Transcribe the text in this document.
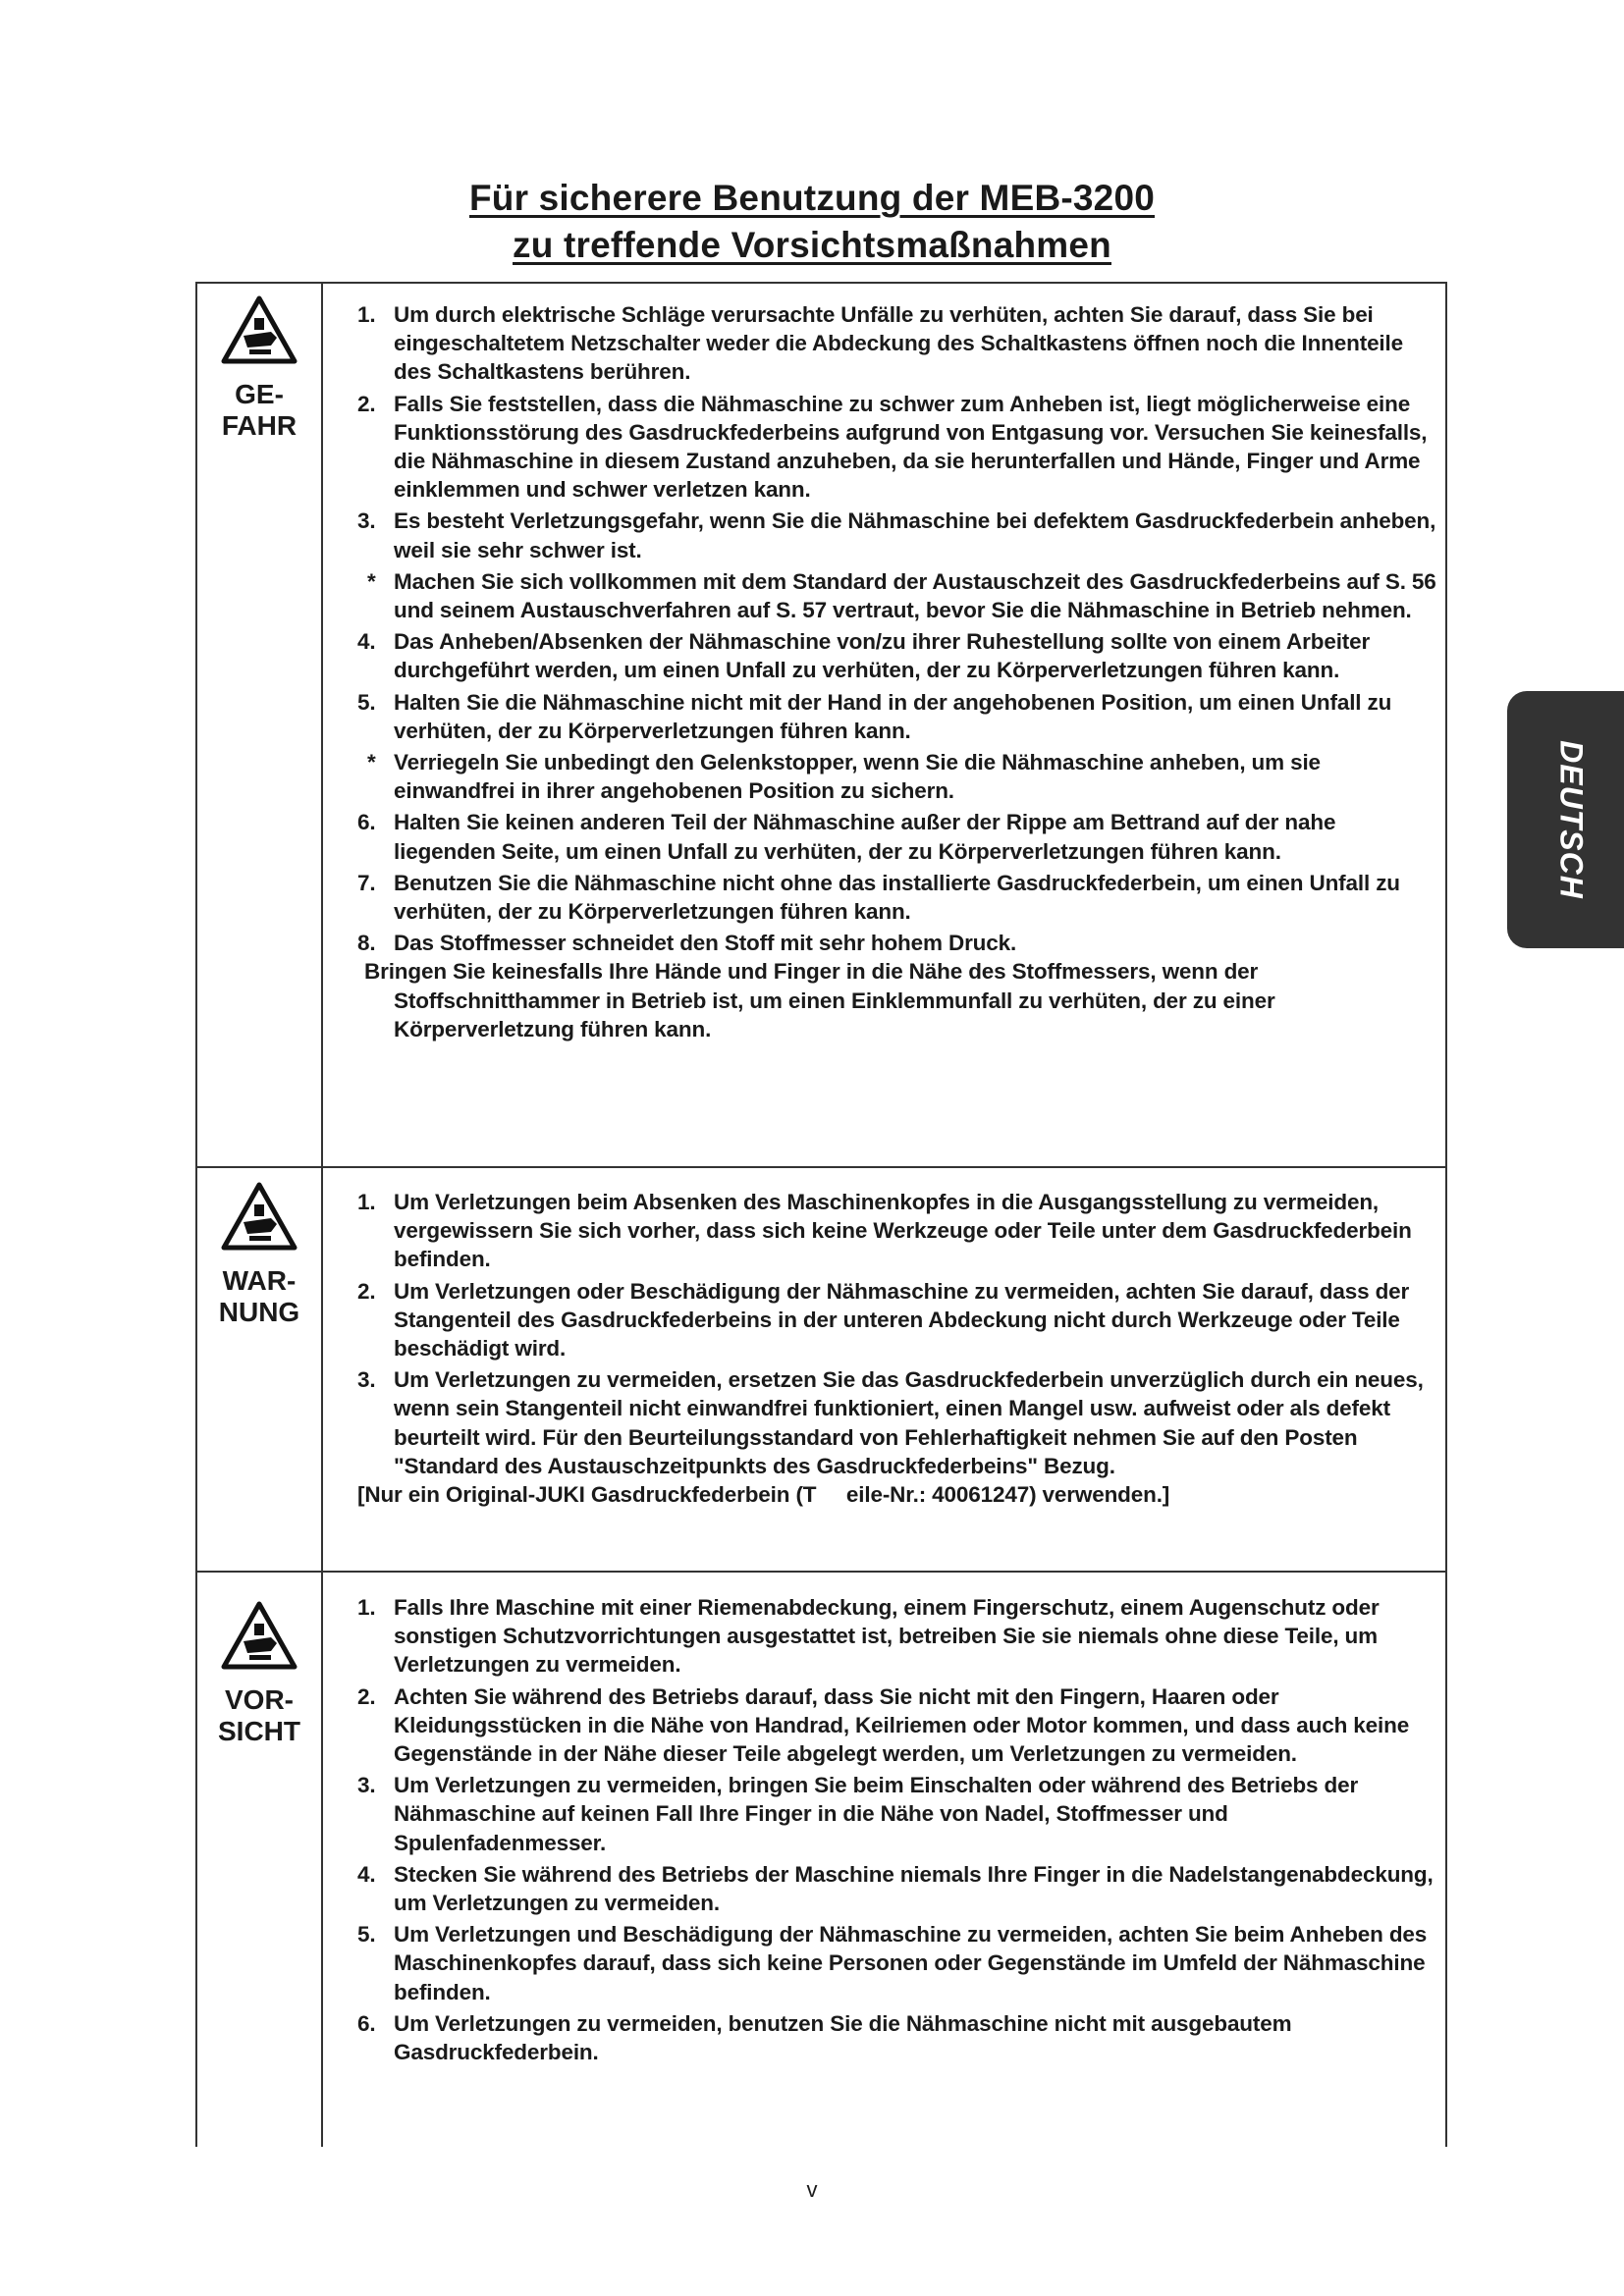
Für sicherere Benutzung der MEB-3200
zu treffende Vorsichtsmaßnahmen
GE-
FAHR
1. Um durch elektrische Schläge verursachte Unfälle zu verhüten, achten Sie darauf, dass Sie bei eingeschaltetem Netzschalter weder die Abdeckung des Schaltkastens öffnen noch die Innenteile des Schaltkastens berühren.
2. Falls Sie feststellen, dass die Nähmaschine zu schwer zum Anheben ist, liegt möglicherweise eine Funktionsstörung des Gasdruckfederbeins aufgrund von Entgasung vor. Versuchen Sie keinesfalls, die Nähmaschine in diesem Zustand anzuheben, da sie herunterfallen und Hände, Finger und Arme einklemmen und schwer verletzen kann.
3. Es besteht Verletzungsgefahr, wenn Sie die Nähmaschine bei defektem Gasdruckfederbein anheben, weil sie sehr schwer ist.
* Machen Sie sich vollkommen mit dem Standard der Austauschzeit des Gasdruckfederbeins auf S. 56 und seinem Austauschverfahren auf S. 57 vertraut, bevor Sie die Nähmaschine in Betrieb nehmen.
4. Das Anheben/Absenken der Nähmaschine von/zu ihrer Ruhestellung sollte von einem Arbeiter durchgeführt werden, um einen Unfall zu verhüten, der zu Körperverletzungen führen kann.
5. Halten Sie die Nähmaschine nicht mit der Hand in der angehobenen Position, um einen Unfall zu verhüten, der zu Körperverletzungen führen kann.
* Verriegeln Sie unbedingt den Gelenkstopper, wenn Sie die Nähmaschine anheben, um sie einwandfrei in ihrer angehobenen Position zu sichern.
6. Halten Sie keinen anderen Teil der Nähmaschine außer der Rippe am Bettrand auf der nahe liegenden Seite, um einen Unfall zu verhüten, der zu Körperverletzungen führen kann.
7. Benutzen Sie die Nähmaschine nicht ohne das installierte Gasdruckfederbein, um einen Unfall zu verhüten, der zu Körperverletzungen führen kann.
8. Das Stoffmesser schneidet den Stoff mit sehr hohem Druck.
Bringen Sie keinesfalls Ihre Hände und Finger in die Nähe des Stoffmessers, wenn der Stoffschnitthammer in Betrieb ist, um einen Einklemmunfall zu verhüten, der zu einer Körperverletzung führen kann.
WAR-
NUNG
1. Um Verletzungen beim Absenken des Maschinenkopfes in die Ausgangsstellung zu vermeiden, vergewissern Sie sich vorher, dass sich keine Werkzeuge oder Teile unter dem Gasdruckfederbein befinden.
2. Um Verletzungen oder Beschädigung der Nähmaschine zu vermeiden, achten Sie darauf, dass der Stangenteil des Gasdruckfederbeins in der unteren Abdeckung nicht durch Werkzeuge oder Teile beschädigt wird.
3. Um Verletzungen zu vermeiden, ersetzen Sie das Gasdruckfederbein unverzüglich durch ein neues, wenn sein Stangenteil nicht einwandfrei funktioniert, einen Mangel usw. aufweist oder als defekt beurteilt wird. Für den Beurteilungsstandard von Fehlerhaftigkeit nehmen Sie auf den Posten "Standard des Austauschzeitpunkts des Gasdruckfederbeins" Bezug.
[Nur ein Original-JUKI Gasdruckfederbein (T     eile-Nr.: 40061247) verwenden.]
VOR-
SICHT
1. Falls Ihre Maschine mit einer Riemenabdeckung, einem Fingerschutz, einem Augenschutz oder sonstigen Schutzvorrichtungen ausgestattet ist, betreiben Sie sie niemals ohne diese Teile, um Verletzungen zu vermeiden.
2. Achten Sie während des Betriebs darauf, dass Sie nicht mit den Fingern, Haaren oder Kleidungsstücken in die Nähe von Handrad, Keilriemen oder Motor kommen, und dass auch keine Gegenstände in der Nähe dieser Teile abgelegt werden, um Verletzungen zu vermeiden.
3. Um Verletzungen zu vermeiden, bringen Sie beim Einschalten oder während des Betriebs der Nähmaschine auf keinen Fall Ihre Finger in die Nähe von Nadel, Stoffmesser und Spulenfadenmesser.
4. Stecken Sie während des Betriebs der Maschine niemals Ihre Finger in die Nadelstangenabdeckung, um Verletzungen zu vermeiden.
5. Um Verletzungen und Beschädigung der Nähmaschine zu vermeiden, achten Sie beim Anheben des Maschinenkopfes darauf, dass sich keine Personen oder Gegenstände im Umfeld der Nähmaschine befinden.
6. Um Verletzungen zu vermeiden, benutzen Sie die Nähmaschine nicht mit ausgebautem Gasdruckfederbein.
DEUTSCH
v
